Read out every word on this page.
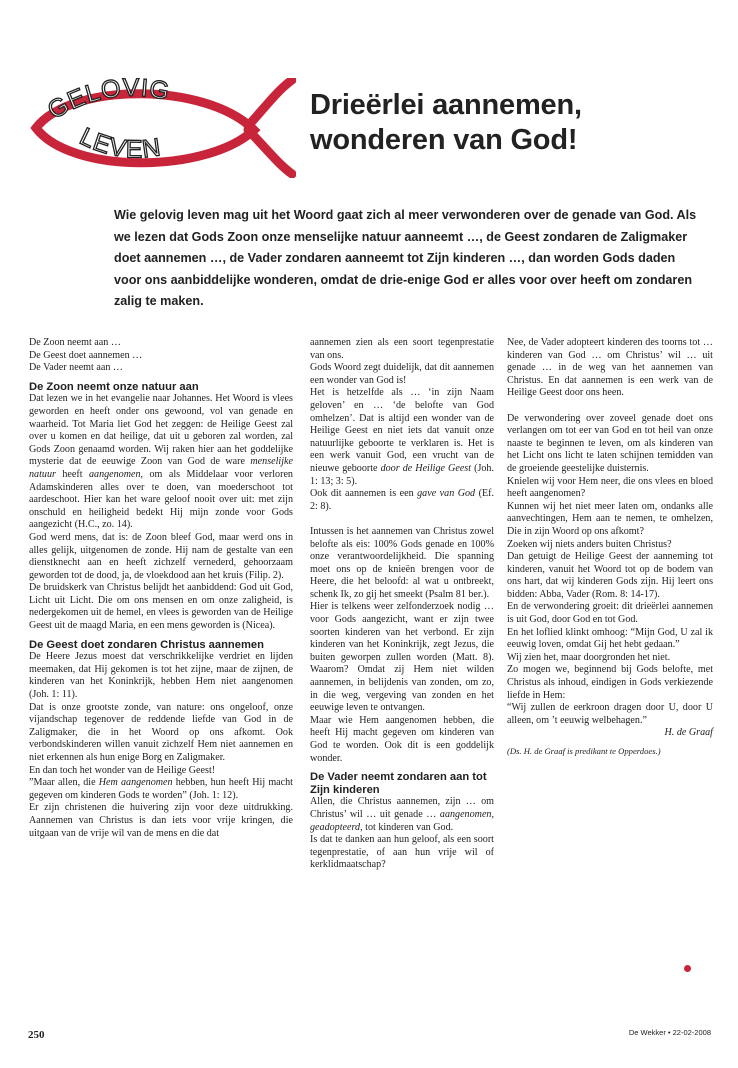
GELOVIG
LEVEN
Drieërlei aannemen,
wonderen van God!
Wie gelovig leven mag uit het Woord gaat zich al meer verwonderen over de genade van God. Als
we lezen dat Gods Zoon onze menselijke natuur aanneemt …, de Geest zondaren de Zaligmaker
doet aannemen …, de Vader zondaren aanneemt tot Zijn kinderen …, dan worden Gods daden
voor ons aanbiddelijke wonderen, omdat de drie-enige God er alles voor over heeft om zondaren
zalig te maken.

De Zoon neemt aan …

De Geest doet aannemen …

De Vader neemt aan …

De Zoon neemt onze natuur aan

Dat lezen we in het evangelie naar Johannes. Het Woord is vlees geworden en heeft onder ons gewoond, vol van genade en waarheid. Tot Maria liet God het zeggen: de Heilige Geest zal over u komen en dat heilige, dat uit u geboren zal worden, zal Gods Zoon genaamd worden. Wij raken hier aan het goddelijke mysterie dat de eeuwige Zoon van God de ware menselijke natuur heeft aangenomen, om als Middelaar voor verloren Adamskinderen alles over te doen, van moederschoot tot aardeschoot. Hier kan het ware geloof nooit over uit: met zijn onschuld en heiligheid bedekt Hij mijn zonde voor Gods aangezicht (H.C., zo. 14).

God werd mens, dat is: de Zoon bleef God, maar werd ons in alles gelijk, uitgenomen de zonde. Hij nam de gestalte van een dienstknecht aan en heeft zichzelf vernederd, gehoorzaam geworden tot de dood, ja, de vloekdood aan het kruis (Filip. 2).

De bruidskerk van Christus belijdt het aanbiddend: God uit God, Licht uit Licht. Die om ons mensen en om onze zaligheid, is nedergekomen uit de hemel, en vlees is geworden van de Heilige Geest uit de maagd Maria, en een mens geworden is (Nicea).

De Geest doet zondaren Christus aannemen

De Heere Jezus moest dat verschrikkelijke verdriet en lijden meemaken, dat Hij gekomen is tot het zijne, maar de zijnen, de kinderen van het Koninkrijk, hebben Hem niet aangenomen (Joh. 1: 11).

Dat is onze grootste zonde, van nature: ons ongeloof, onze vijandschap tegenover de reddende liefde van God in de Zaligmaker, die in het Woord op ons afkomt. Ook verbondskinderen willen vanuit zichzelf Hem niet aannemen en niet erkennen als hun enige Borg en Zaligmaker.

En dan toch het wonder van de Heilige Geest!

”Maar allen, die Hem aangenomen hebben, hun heeft Hij macht gegeven om kinderen Gods te worden” (Joh. 1: 12).

Er zijn christenen die huivering zijn voor deze uitdrukking. Aannemen van Christus is dan iets voor vrije kringen, die uitgaan van de vrije wil van de mens en die dat

aannemen zien als een soort tegenprestatie van ons.

Gods Woord zegt duidelijk, dat dit aannemen een wonder van God is!

Het is hetzelfde als … ‘in zijn Naam geloven’ en … ‘de belofte van God omhelzen’. Dat is altijd een wonder van de Heilige Geest en niet iets dat vanuit onze natuurlijke geboorte te verklaren is. Het is een werk vanuit God, een vrucht van de nieuwe geboorte door de Heilige Geest (Joh. 1: 13; 3: 5).

Ook dit aannemen is een gave van God (Ef. 2: 8).

Intussen is het aannemen van Christus zowel belofte als eis: 100% Gods genade en 100% onze verantwoordelijkheid. Die spanning moet ons op de knieën brengen voor de Heere, die het beloofd: al wat u ontbreekt, schenk Ik, zo gij het smeekt (Psalm 81 ber.).

Hier is telkens weer zelfonderzoek nodig … voor Gods aangezicht, want er zijn twee soorten kinderen van het verbond. Er zijn kinderen van het Koninkrijk, zegt Jezus, die buiten geworpen zullen worden (Matt. 8). Waarom? Omdat zij Hem niet wilden aannemen, in belijdenis van zonden, om zo, in die weg, vergeving van zonden en het eeuwige leven te ontvangen.

Maar wie Hem aangenomen hebben, die heeft Hij macht gegeven om kinderen van God te worden. Ook dit is een goddelijk wonder.

De Vader neemt zondaren aan tot Zijn kinderen

Allen, die Christus aannemen, zijn … om Christus’ wil … uit genade … aangenomen, geadopteerd, tot kinderen van God.

Is dat te danken aan hun geloof, als een soort tegenprestatie, of aan hun vrije wil of kerklidmaatschap?

Nee, de Vader adopteert kinderen des toorns tot … kinderen van God … om Christus’ wil … uit genade … in de weg van het aannemen van Christus. En dat aannemen is een werk van de Heilige Geest door ons heen.

De verwondering over zoveel genade doet ons verlangen om tot eer van God en tot heil van onze naaste te beginnen te leven, om als kinderen van het Licht ons licht te laten schijnen temidden van de groeiende geestelijke duisternis.

Knielen wij voor Hem neer, die ons vlees en bloed heeft aangenomen?

Kunnen wij het niet meer laten om, ondanks alle aanvechtingen, Hem aan te nemen, te omhelzen, Die in zijn Woord op ons afkomt?

Zoeken wij niets anders buiten Christus?

Dan getuigt de Heilige Geest der aanneming tot kinderen, vanuit het Woord tot op de bodem van ons hart, dat wij kinderen Gods zijn. Hij leert ons bidden: Abba, Vader (Rom. 8: 14-17).

En de verwondering groeit: dit drieërlei aannemen is uit God, door God en tot God.

En het loflied klinkt omhoog: “Mijn God, U zal ik eeuwig loven, omdat Gij het hebt gedaan.”

Wij zien het, maar doorgronden het niet.

Zo mogen we, beginnend bij Gods belofte, met Christus als inhoud, eindigen in Gods verkiezende liefde in Hem:

“Wij zullen de eerkroon dragen door U, door U alleen, om ’t eeuwig welbehagen.”

H. de Graaf

(Ds. H. de Graaf is predikant te Opperdoes.)

250	De Wekker • 22-02-2008
